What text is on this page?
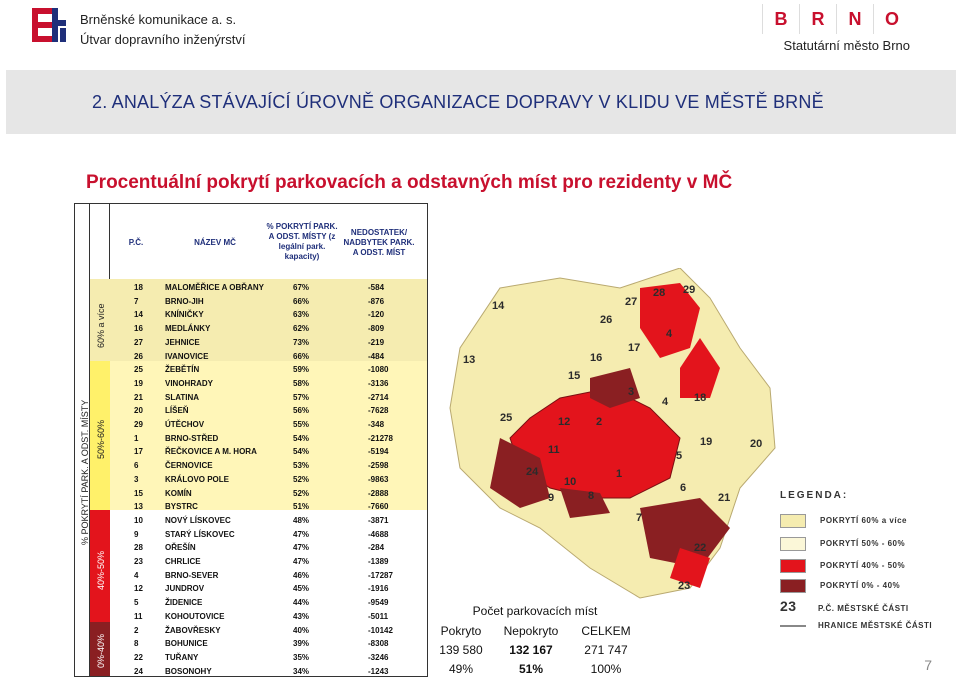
Brněnské komunikace a. s.
Útvar dopravního inženýrství
B	R	N	O
Statutární město Brno
2. ANALÝZA STÁVAJÍCÍ ÚROVNĚ ORGANIZACE DOPRAVY V KLIDU VE MĚSTĚ BRNĚ
Procentuální pokrytí parkovacích a odstavných míst pro rezidenty v MČ
P.Č.	NÁZEV MČ
% POKRYTÍ PARK. A ODST. MÍSTY (z legální park. kapacity)
NEDOSTATEK/ NADBYTEK PARK. A ODST. MÍST
% POKRYTÍ PARK. A ODST. MÍSTY
60% a více
50%-60%
40%-50%
0%-40%
18	MALOMĚŘICE A OBŘANY	67%	-584
7	BRNO-JIH	66%	-876
14	KNÍNIČKY	63%	-120
16	MEDLÁNKY	62%	-809
27	JEHNICE	73%	-219
26	IVANOVICE	66%	-484
25	ŽEBĚTÍN	59%	-1080
19	VINOHRADY	58%	-3136
21	SLATINA	57%	-2714
20	LÍŠEŇ	56%	-7628
29	ÚTĚCHOV	55%	-348
1	BRNO-STŘED	54%	-21278
17	ŘEČKOVICE A M. HORA	54%	-5194
6	ČERNOVICE	53%	-2598
3	KRÁLOVO POLE	52%	-9863
15	KOMÍN	52%	-2888
13	BYSTRC	51%	-7660
10	NOVÝ LÍSKOVEC	48%	-3871
9	STARÝ LÍSKOVEC	47%	-4688
28	OŘEŠÍN	47%	-284
23	CHRLICE	47%	-1389
4	BRNO-SEVER	46%	-17287
12	JUNDROV	45%	-1916
5	ŽIDENICE	44%	-9549
11	KOHOUTOVICE	43%	-5011
2	ŽABOVŘESKY	40%	-10142
8	BOHUNICE	39%	-8308
22	TUŘANY	35%	-3246
24	BOSONOHY	34%	-1243
14	27
28 29
26
4
17
16
13
15
3
4 18
25	12 2
19	20
11	5
24	1
10
8
9
6
21
7
22
23
LEGENDA:
POKRYTÍ 60% a více
POKRYTÍ 50% - 60%
POKRYTÍ 40% - 50%
POKRYTÍ 0% - 40%
23	P.Č. MĚSTSKÉ ČÁSTI
HRANICE MĚSTSKÉ ČÁSTI
Počet parkovacích míst
Pokryto	Nepokryto	CELKEM
139 580	132 167	271 747
49%	51%	100%	7
